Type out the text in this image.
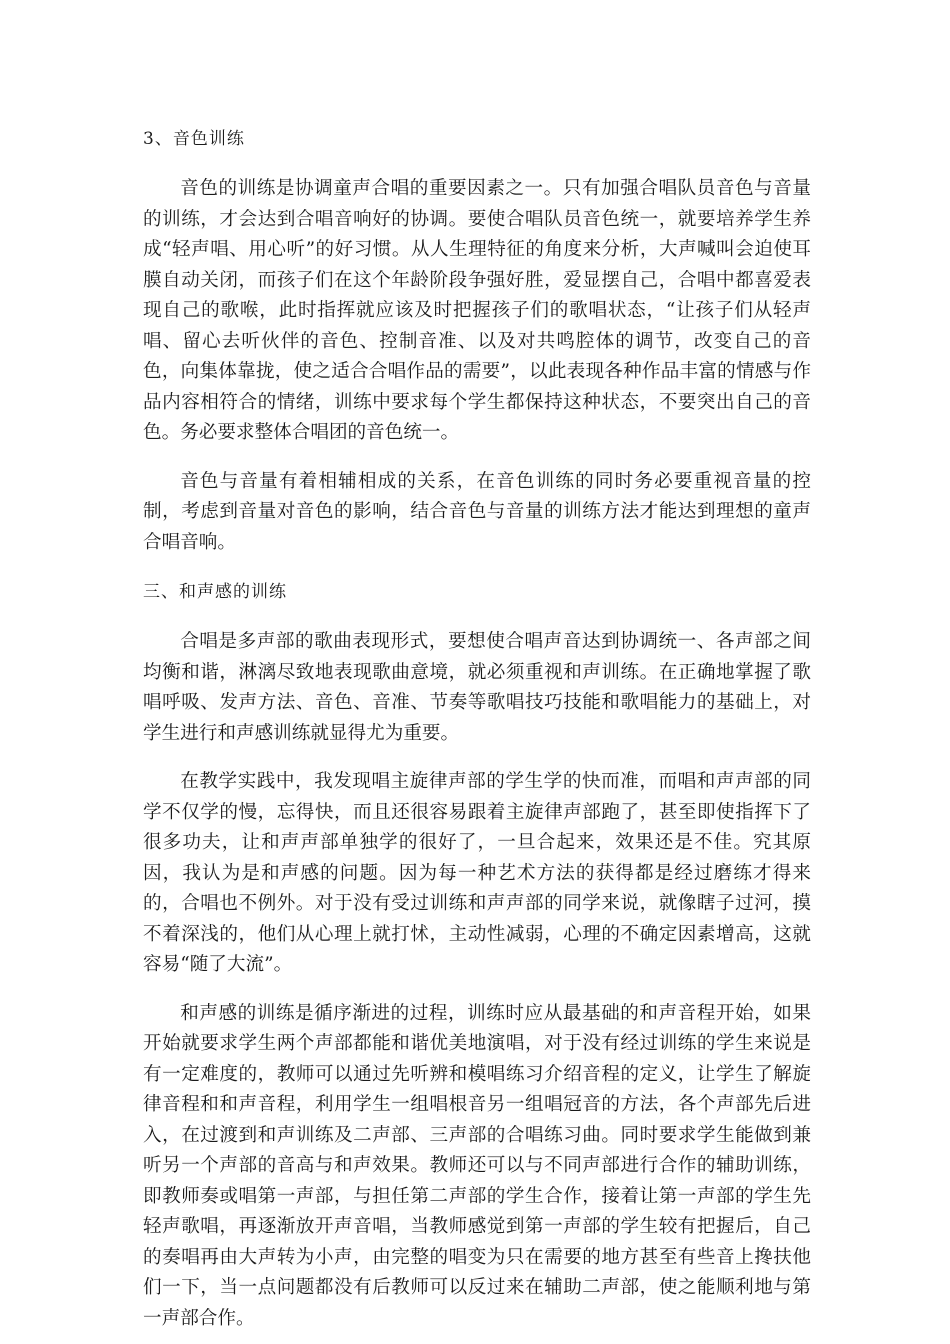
3、音色训练

音色的训练是协调童声合唱的重要因素之一。只有加强合唱队员音色与音量的训练，才会达到合唱音响好的协调。要使合唱队员音色统一，就要培养学生养成“轻声唱、用心听”的好习惯。从人生理特征的角度来分析，大声喊叫会迫使耳膜自动关闭，而孩子们在这个年龄阶段争强好胜，爱显摆自己，合唱中都喜爱表现自己的歌喉，此时指挥就应该及时把握孩子们的歌唱状态，“让孩子们从轻声唱、留心去听伙伴的音色、控制音准、以及对共鸣腔体的调节，改变自己的音色，向集体靠拢，使之适合合唱作品的需要”，以此表现各种作品丰富的情感与作品内容相符合的情绪，训练中要求每个学生都保持这种状态，不要突出自己的音色。务必要求整体合唱团的音色统一。

音色与音量有着相辅相成的关系，在音色训练的同时务必要重视音量的控制，考虑到音量对音色的影响，结合音色与音量的训练方法才能达到理想的童声合唱音响。

三、和声感的训练

合唱是多声部的歌曲表现形式，要想使合唱声音达到协调统一、各声部之间均衡和谐，淋漓尽致地表现歌曲意境，就必须重视和声训练。在正确地掌握了歌唱呼吸、发声方法、音色、音准、节奏等歌唱技巧技能和歌唱能力的基础上，对学生进行和声感训练就显得尤为重要。

在教学实践中，我发现唱主旋律声部的学生学的快而准，而唱和声声部的同学不仅学的慢，忘得快，而且还很容易跟着主旋律声部跑了，甚至即使指挥下了很多功夫，让和声声部单独学的很好了，一旦合起来，效果还是不佳。究其原因，我认为是和声感的问题。因为每一种艺术方法的获得都是经过磨练才得来的，合唱也不例外。对于没有受过训练和声声部的同学来说，就像瞎子过河，摸不着深浅的，他们从心理上就打怵，主动性减弱，心理的不确定因素增高，这就容易“随了大流”。

和声感的训练是循序渐进的过程，训练时应从最基础的和声音程开始，如果开始就要求学生两个声部都能和谐优美地演唱，对于没有经过训练的学生来说是有一定难度的，教师可以通过先听辨和模唱练习介绍音程的定义，让学生了解旋律音程和和声音程，利用学生一组唱根音另一组唱冠音的方法，各个声部先后进入，在过渡到和声训练及二声部、三声部的合唱练习曲。同时要求学生能做到兼听另一个声部的音高与和声效果。教师还可以与不同声部进行合作的辅助训练，即教师奏或唱第一声部，与担任第二声部的学生合作，接着让第一声部的学生先轻声歌唱，再逐渐放开声音唱，当教师感觉到第一声部的学生较有把握后，自己的奏唱再由大声转为小声，由完整的唱变为只在需要的地方甚至有些音上搀扶他们一下，当一点问题都没有后教师可以反过来在辅助二声部，使之能顺利地与第一声部合作。
